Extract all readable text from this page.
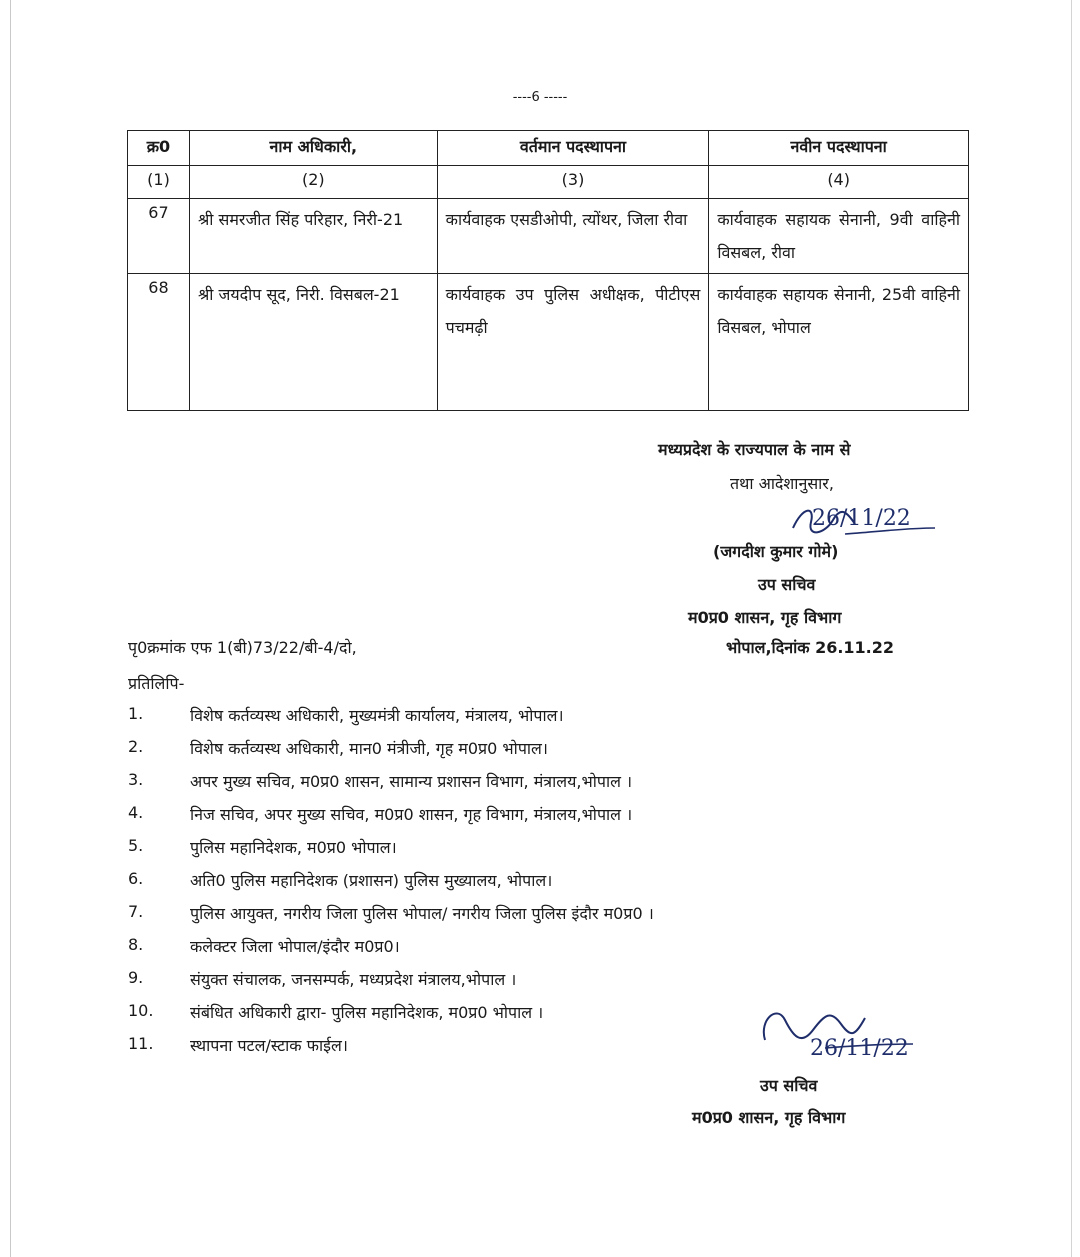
----6 -----
क्र0	नाम अधिकारी,	वर्तमान पदस्थापना	नवीन पदस्थापना
(1)	(2)	(3)	(4)
67	श्री समरजीत सिंह परिहार, निरी-21	कार्यवाहक एसडीओपी, त्योंथर, जिला रीवा	कार्यवाहक सहायक सेनानी, 9वी वाहिनी विसबल, रीवा
68	श्री जयदीप सूद, निरी. विसबल-21	कार्यवाहक उप पुलिस अधीक्षक, पीटीएस पचमढ़ी	कार्यवाहक सहायक सेनानी, 25वी वाहिनी विसबल, भोपाल
मध्यप्रदेश के राज्यपाल के नाम से
तथा आदेशानुसार,
26/11/22
(जगदीश कुमार गोमे)
उप सचिव
म0प्र0 शासन, गृह विभाग
पृ0क्रमांक एफ 1(बी)73/22/बी-4/दो,	भोपाल,दिनांक 26.11.22
प्रतिलिपि-
1.	विशेष कर्तव्यस्थ अधिकारी, मुख्यमंत्री कार्यालय, मंत्रालय, भोपाल।
2.	विशेष कर्तव्यस्थ अधिकारी, मान0 मंत्रीजी, गृह म0प्र0 भोपाल।
3.	अपर मुख्य सचिव, म0प्र0 शासन, सामान्य प्रशासन विभाग, मंत्रालय,भोपाल ।
4.	निज सचिव, अपर मुख्य सचिव, म0प्र0 शासन, गृह विभाग, मंत्रालय,भोपाल ।
5.	पुलिस महानिदेशक, म0प्र0 भोपाल।
6.	अति0 पुलिस महानिदेशक (प्रशासन) पुलिस मुख्यालय, भोपाल।
7.	पुलिस आयुक्त, नगरीय जिला पुलिस भोपाल/ नगरीय जिला पुलिस इंदौर म0प्र0 ।
8.	कलेक्टर जिला भोपाल/इंदौर म0प्र0।
9.	संयुक्त संचालक, जनसम्पर्क, मध्यप्रदेश मंत्रालय,भोपाल ।
10.	संबंधित अधिकारी द्वारा- पुलिस महानिदेशक, म0प्र0 भोपाल ।
11.	स्थापना पटल/स्टाक फाईल।	26/11/22
उप सचिव
म0प्र0 शासन, गृह विभाग
